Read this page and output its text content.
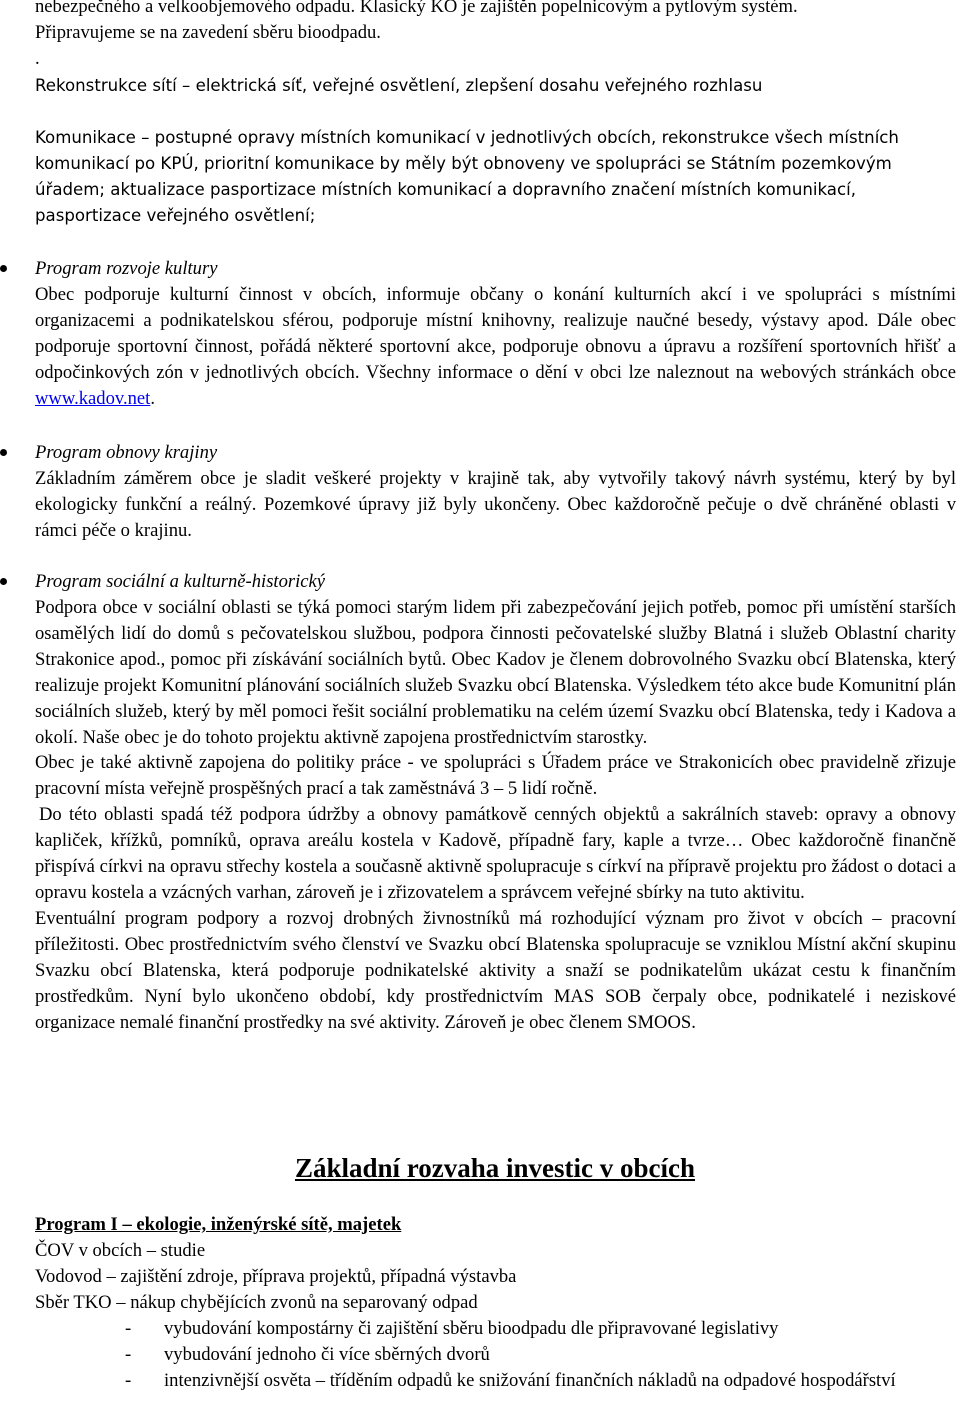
nebezpečného a velkoobjemového odpadu. Klasický KO je zajištěn popelnicovým a pytlovým systém.
Připravujeme se na zavedení sběru bioodpadu.
.
Rekonstrukce sítí – elektrická síť, veřejné osvětlení, zlepšení dosahu veřejného rozhlasu
Komunikace – postupné opravy místních komunikací v jednotlivých obcích, rekonstrukce všech místních komunikací po KPÚ, prioritní komunikace by měly být obnoveny ve spolupráci se Státním pozemkovým úřadem; aktualizace pasportizace místních komunikací a dopravního značení místních komunikací, pasportizace veřejného osvětlení;
Program rozvoje kultury

Obec podporuje kulturní činnost v obcích, informuje občany o konání kulturních akcí i ve spolupráci s místními organizacemi a podnikatelskou sférou, podporuje místní knihovny, realizuje naučné besedy, výstavy apod. Dále obec podporuje sportovní činnost, pořádá některé sportovní akce, podporuje obnovu a úpravu a rozšíření sportovních hřišť a odpočinkových zón v jednotlivých obcích. Všechny informace o dění v obci lze naleznout na webových stránkách obce www.kadov.net.

Program obnovy krajiny

Základním záměrem obce je sladit veškeré projekty v krajině tak, aby vytvořily takový návrh systému, který by byl ekologicky funkční a reálný. Pozemkové úpravy již byly ukončeny. Obec každoročně pečuje o dvě chráněné oblasti v rámci péče o krajinu.

Program sociální a kulturně-historický

Podpora obce v sociální oblasti se týká pomoci starým lidem při zabezpečování jejich potřeb, pomoc při umístění starších osamělých lidí do domů s pečovatelskou službou, podpora činnosti pečovatelské služby Blatná i služeb Oblastní charity Strakonice apod., pomoc při získávání sociálních bytů. Obec Kadov je členem dobrovolného Svazku obcí Blatenska, který realizuje projekt Komunitní plánování sociálních služeb Svazku obcí Blatenska. Výsledkem této akce bude Komunitní plán sociálních služeb, který by měl pomoci řešit sociální problematiku na celém území Svazku obcí Blatenska, tedy i Kadova a okolí. Naše obec je do tohoto projektu aktivně zapojena prostřednictvím starostky.

Obec je také aktivně zapojena do politiky práce - ve spolupráci s Úřadem práce ve Strakonicích obec pravidelně zřizuje pracovní místa veřejně prospěšných prací a tak zaměstnává 3 – 5 lidí ročně.

Do této oblasti spadá též podpora údržby a obnovy památkově cenných objektů a sakrálních staveb: opravy a obnovy kapliček, křížků, pomníků, oprava areálu kostela v Kadově, případně fary, kaple a tvrze… Obec každoročně finančně přispívá církvi na opravu střechy kostela a současně aktivně spolupracuje s církví na přípravě projektu pro žádost o dotaci a opravu kostela a vzácných varhan, zároveň je i zřizovatelem a správcem veřejné sbírky na tuto aktivitu.

Eventuální program podpory a rozvoj drobných živnostníků má rozhodující význam pro život v obcích – pracovní příležitosti. Obec prostřednictvím svého členství ve Svazku obcí Blatenska spolupracuje se vzniklou Místní akční skupinu Svazku obcí Blatenska, která podporuje podnikatelské aktivity a snaží se podnikatelům ukázat cestu k finančním prostředkům. Nyní bylo ukončeno období, kdy prostřednictvím MAS SOB čerpaly obce, podnikatelé i neziskové organizace nemalé finanční prostředky na své aktivity. Zároveň je obec členem SMOOS.

Základní rozvaha investic v obcích
Program I – ekologie, inženýrské sítě, majetek
ČOV v obcích – studie
Vodovod – zajištění zdroje, příprava projektů, případná výstavba
Sběr TKO – nákup chybějících zvonů na separovaný odpad
- vybudování kompostárny či zajištění sběru bioodpadu dle připravované legislativy
- vybudování jednoho či více sběrných dvorů
- intenzivnější osvěta – tříděním odpadů ke snižování finančních nákladů na odpadové hospodářství
